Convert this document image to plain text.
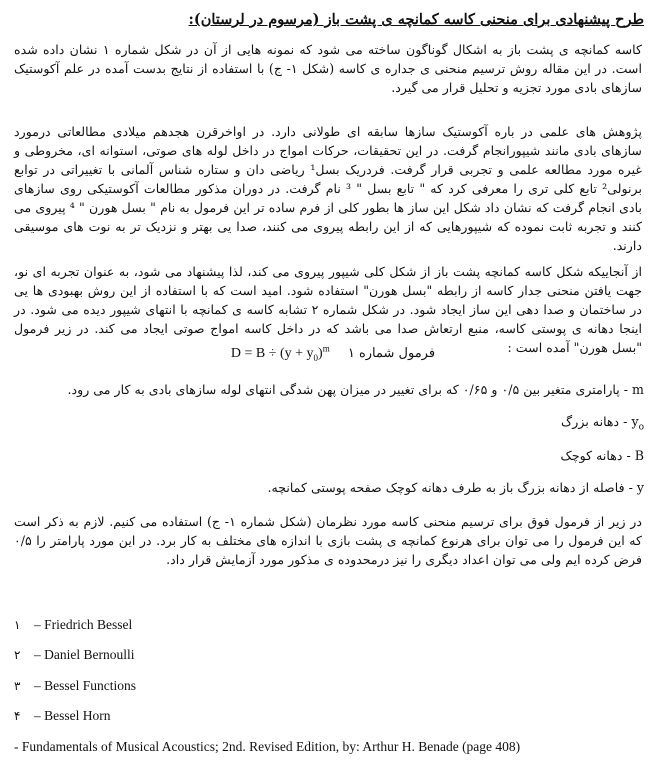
طرح پیشنهادی برای منحنی کاسه کمانچه ی پشت باز (مرسوم در لرستان):

کاسه کمانچه ی پشت باز به اشکال گوناگون ساخته می شود که نمونه هایی از آن در شکل شماره ۱ نشان داده شده است. در این مقاله روش ترسیم منحنی ی جداره ی کاسه (شکل ۱- ج) با استفاده از نتایج بدست آمده در علم آکوستیک سازهای بادی مورد تجزیه و تحلیل قرار می گیرد.

پژوهش های علمی در باره آکوستیک سازها سابقه ای طولانی دارد. در اواخرقرن هجدهم میلادی مطالعاتی درمورد سازهای بادی مانند شیپورانجام گرفت. در این تحقیقات، حرکات امواج در داخل لوله های صوتی، استوانه ای، مخروطی و غیره مورد مطالعه علمی و تجربی قرار گرفت. فردریک بسل¹ ریاضی دان و ستاره شناس آلمانی با تغییراتی در توابع برنولی² تابع کلی تری را معرفی کرد که " تابع بسل " ³ نام گرفت. در دوران مذکور مطالعات آکوستیکی روی سازهای بادی انجام گرفت که نشان داد شکل این ساز ها بطور کلی از فرم ساده تر این فرمول به نام " بسل هورن " ⁴ پیروی می کنند و تجربه ثابت نموده که شیپورهایی که از این رابطه پیروی می کنند، صدا یی بهتر و نزدیک تر به نوت های موسیقی دارند.

از آنجاییکه شکل کاسه کمانچه پشت باز از شکل کلی شیپور پیروی می کند، لذا پیشنهاد می شود، به عنوان تجربه ای نو، جهت یافتن منحنی جدار کاسه از رابطه "بسل هورن" استفاده شود. امید است که با استفاده از این روش بهبودی ها یی در ساختمان و صدا دهی این ساز ایجاد شود. در شکل شماره ۲ تشابه کاسه ی کمانچه با انتهای شیپور دیده می شود. در اینجا دهانه ی پوستی کاسه، منبع ارتعاش صدا می باشد که در داخل کاسه امواج صوتی ایجاد می کند. در زیر فرمول "بسل هورن" آمده است :

فرمول شماره ۱ $D = B \div (y + y_0)^m$
m - پارامتری متغیر بین ۰/۵ و ۰/۶۵ که برای تغییر در میزان پهن شدگی انتهای لوله سازهای بادی به کار می رود.
$y_o$ - دهانه بزرگ
B - دهانه کوچک
y - فاصله از دهانه بزرگ باز به طرف دهانه کوچک صفحه پوستی کمانچه.

در زیر از فرمول فوق برای ترسیم منحنی کاسه مورد نظرمان (شکل شماره ۱- ج) استفاده می کنیم. لازم به ذکر است که این فرمول را می توان برای هرنوع کمانچه ی پشت بازی با اندازه های مختلف به کار برد. در این مورد پارامتر را ۰/۵ فرض کرده ایم ولی می توان اعداد دیگری را نیز درمحدوده ی مذکور مورد آزمایش قرار داد.

۱ – Friedrich Bessel
۲ – Daniel Bernoulli
۳ – Bessel Functions
۴ – Bessel Horn
- Fundamentals of Musical Acoustics; 2nd. Revised Edition, by: Arthur H. Benade (page 408)
